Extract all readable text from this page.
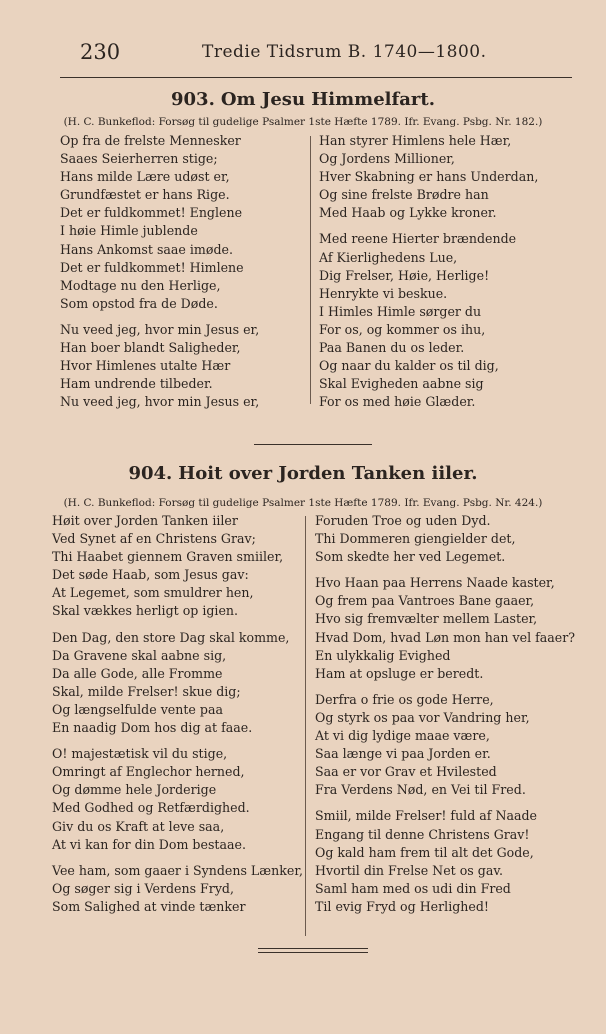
230	Tredie Tidsrum B. 1740—1800.
903. Om Jesu Himmelfart.
(H. C. Bunkeflod: Forsøg til gudelige Psalmer 1ste Hæfte 1789. Ifr. Evang. Psbg. Nr. 182.)
Op fra de frelste Mennesker
Saaes Seierherren stige;
Hans milde Lære udøst er,
Grundfæstet er hans Rige.
Det er fuldkommet! Englene
I høie Himle jublende
Hans Ankomst saae imøde.
Det er fuldkommet! Himlene
Modtage nu den Herlige,
Som opstod fra de Døde.
Nu veed jeg, hvor min Jesus er,
Han boer blandt Saligheder,
Hvor Himlenes utalte Hær
Ham undrende tilbeder.
Nu veed jeg, hvor min Jesus er,
Han styrer Himlens hele Hær,
Og Jordens Millioner,
Hver Skabning er hans Underdan,
Og sine frelste Brødre han
Med Haab og Lykke kroner.
Med reene Hierter brændende
Af Kierlighedens Lue,
Dig Frelser, Høie, Herlige!
Henrykte vi beskue.
I Himles Himle sørger du
For os, og kommer os ihu,
Paa Banen du os leder.
Og naar du kalder os til dig,
Skal Evigheden aabne sig
For os med høie Glæder.
904. Hoit over Jorden Tanken iiler.
(H. C. Bunkeflod: Forsøg til gudelige Psalmer 1ste Hæfte 1789. Ifr. Evang. Psbg. Nr. 424.)
Høit over Jorden Tanken iiler
Ved Synet af en Christens Grav;
Thi Haabet giennem Graven smiiler,
Det søde Haab, som Jesus gav:
At Legemet, som smuldrer hen,
Skal vækkes herligt op igien.
Den Dag, den store Dag skal komme,
Da Gravene skal aabne sig,
Da alle Gode, alle Fromme
Skal, milde Frelser! skue dig;
Og længselfulde vente paa
En naadig Dom hos dig at faae.
O! majestætisk vil du stige,
Omringt af Englechor herned,
Og dømme hele Jorderige
Med Godhed og Retfærdighed.
Giv du os Kraft at leve saa,
At vi kan for din Dom bestaae.
Vee ham, som gaaer i Syndens Lænker,
Og søger sig i Verdens Fryd,
Som Salighed at vinde tænker
Foruden Troe og uden Dyd.
Thi Dommeren giengielder det,
Som skedte her ved Legemet.
Hvo Haan paa Herrens Naade kaster,
Og frem paa Vantroes Bane gaaer,
Hvo sig fremvælter mellem Laster,
Hvad Dom, hvad Løn mon han vel faaer?
En ulykkalig Evighed
Ham at opsluge er beredt.
Derfra o frie os gode Herre,
Og styrk os paa vor Vandring her,
At vi dig lydige maae være,
Saa længe vi paa Jorden er.
Saa er vor Grav et Hvilested
Fra Verdens Nød, en Vei til Fred.
Smiil, milde Frelser! fuld af Naade
Engang til denne Christens Grav!
Og kald ham frem til alt det Gode,
Hvortil din Frelse Net os gav.
Saml ham med os udi din Fred
Til evig Fryd og Herlighed!
